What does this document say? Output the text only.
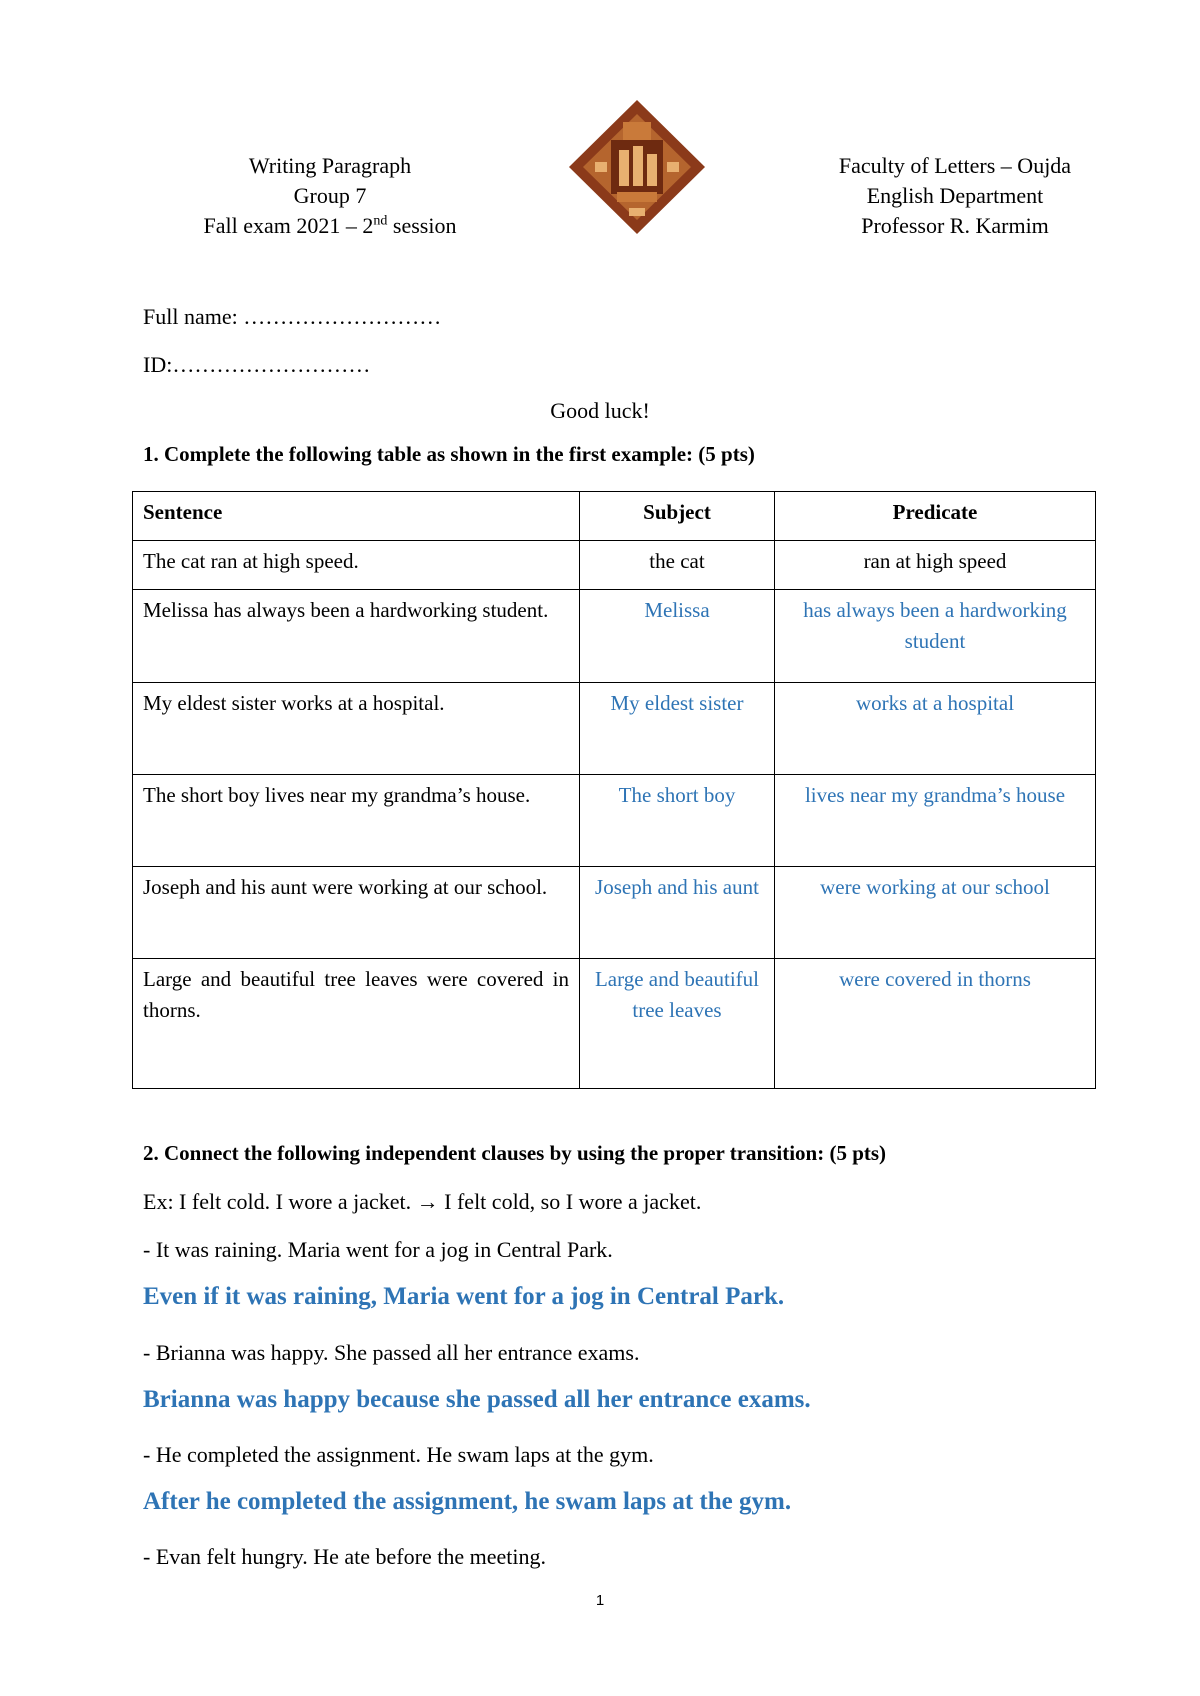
Writing Paragraph
Group 7
Fall exam 2021 – 2nd session
Faculty of Letters – Oujda
English Department
Professor R. Karmim
Full name: ………………………
ID:………………………
Good luck!
1. Complete the following table as shown in the first example: (5 pts)
Sentence	Subject	Predicate
The cat ran at high speed.	the cat	ran at high speed
Melissa has always been a hardworking student.	Melissa	has always been a hardworking student
My eldest sister works at a hospital.	My eldest sister	works at a hospital
The short boy lives near my grandma’s house.	The short boy	lives near my grandma’s house
Joseph and his aunt were working at our school.	Joseph and his aunt	were working at our school
Large and beautiful tree leaves were covered in thorns.	Large and beautiful tree leaves	were covered in thorns
2. Connect the following independent clauses by using the proper transition: (5 pts)
Ex: I felt cold. I wore a jacket. → I felt cold, so I wore a jacket.
- It was raining. Maria went for a jog in Central Park.
Even if it was raining, Maria went for a jog in Central Park.
- Brianna was happy. She passed all her entrance exams.
Brianna was happy because she passed all her entrance exams.
- He completed the assignment. He swam laps at the gym.
After he completed the assignment, he swam laps at the gym.
- Evan felt hungry. He ate before the meeting.
1
